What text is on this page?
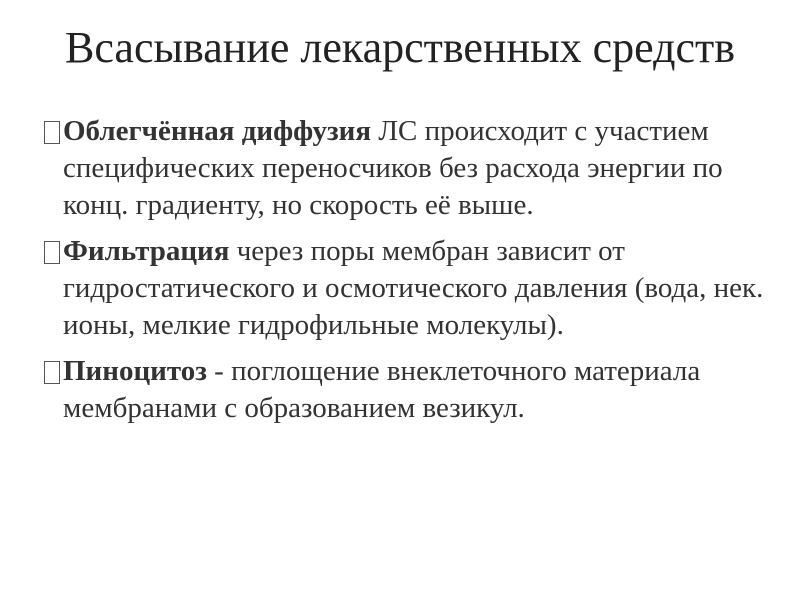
Всасывание лекарственных средств
Облегчённая диффузия ЛС происходит с участием специфических переносчиков без расхода энергии по конц. градиенту, но скорость её выше.
Фильтрация через поры мембран зависит от гидростатического и осмотического давления (вода, нек. ионы, мелкие гидрофильные молекулы).
Пиноцитоз - поглощение внеклеточного материала мембранами с образованием везикул.
